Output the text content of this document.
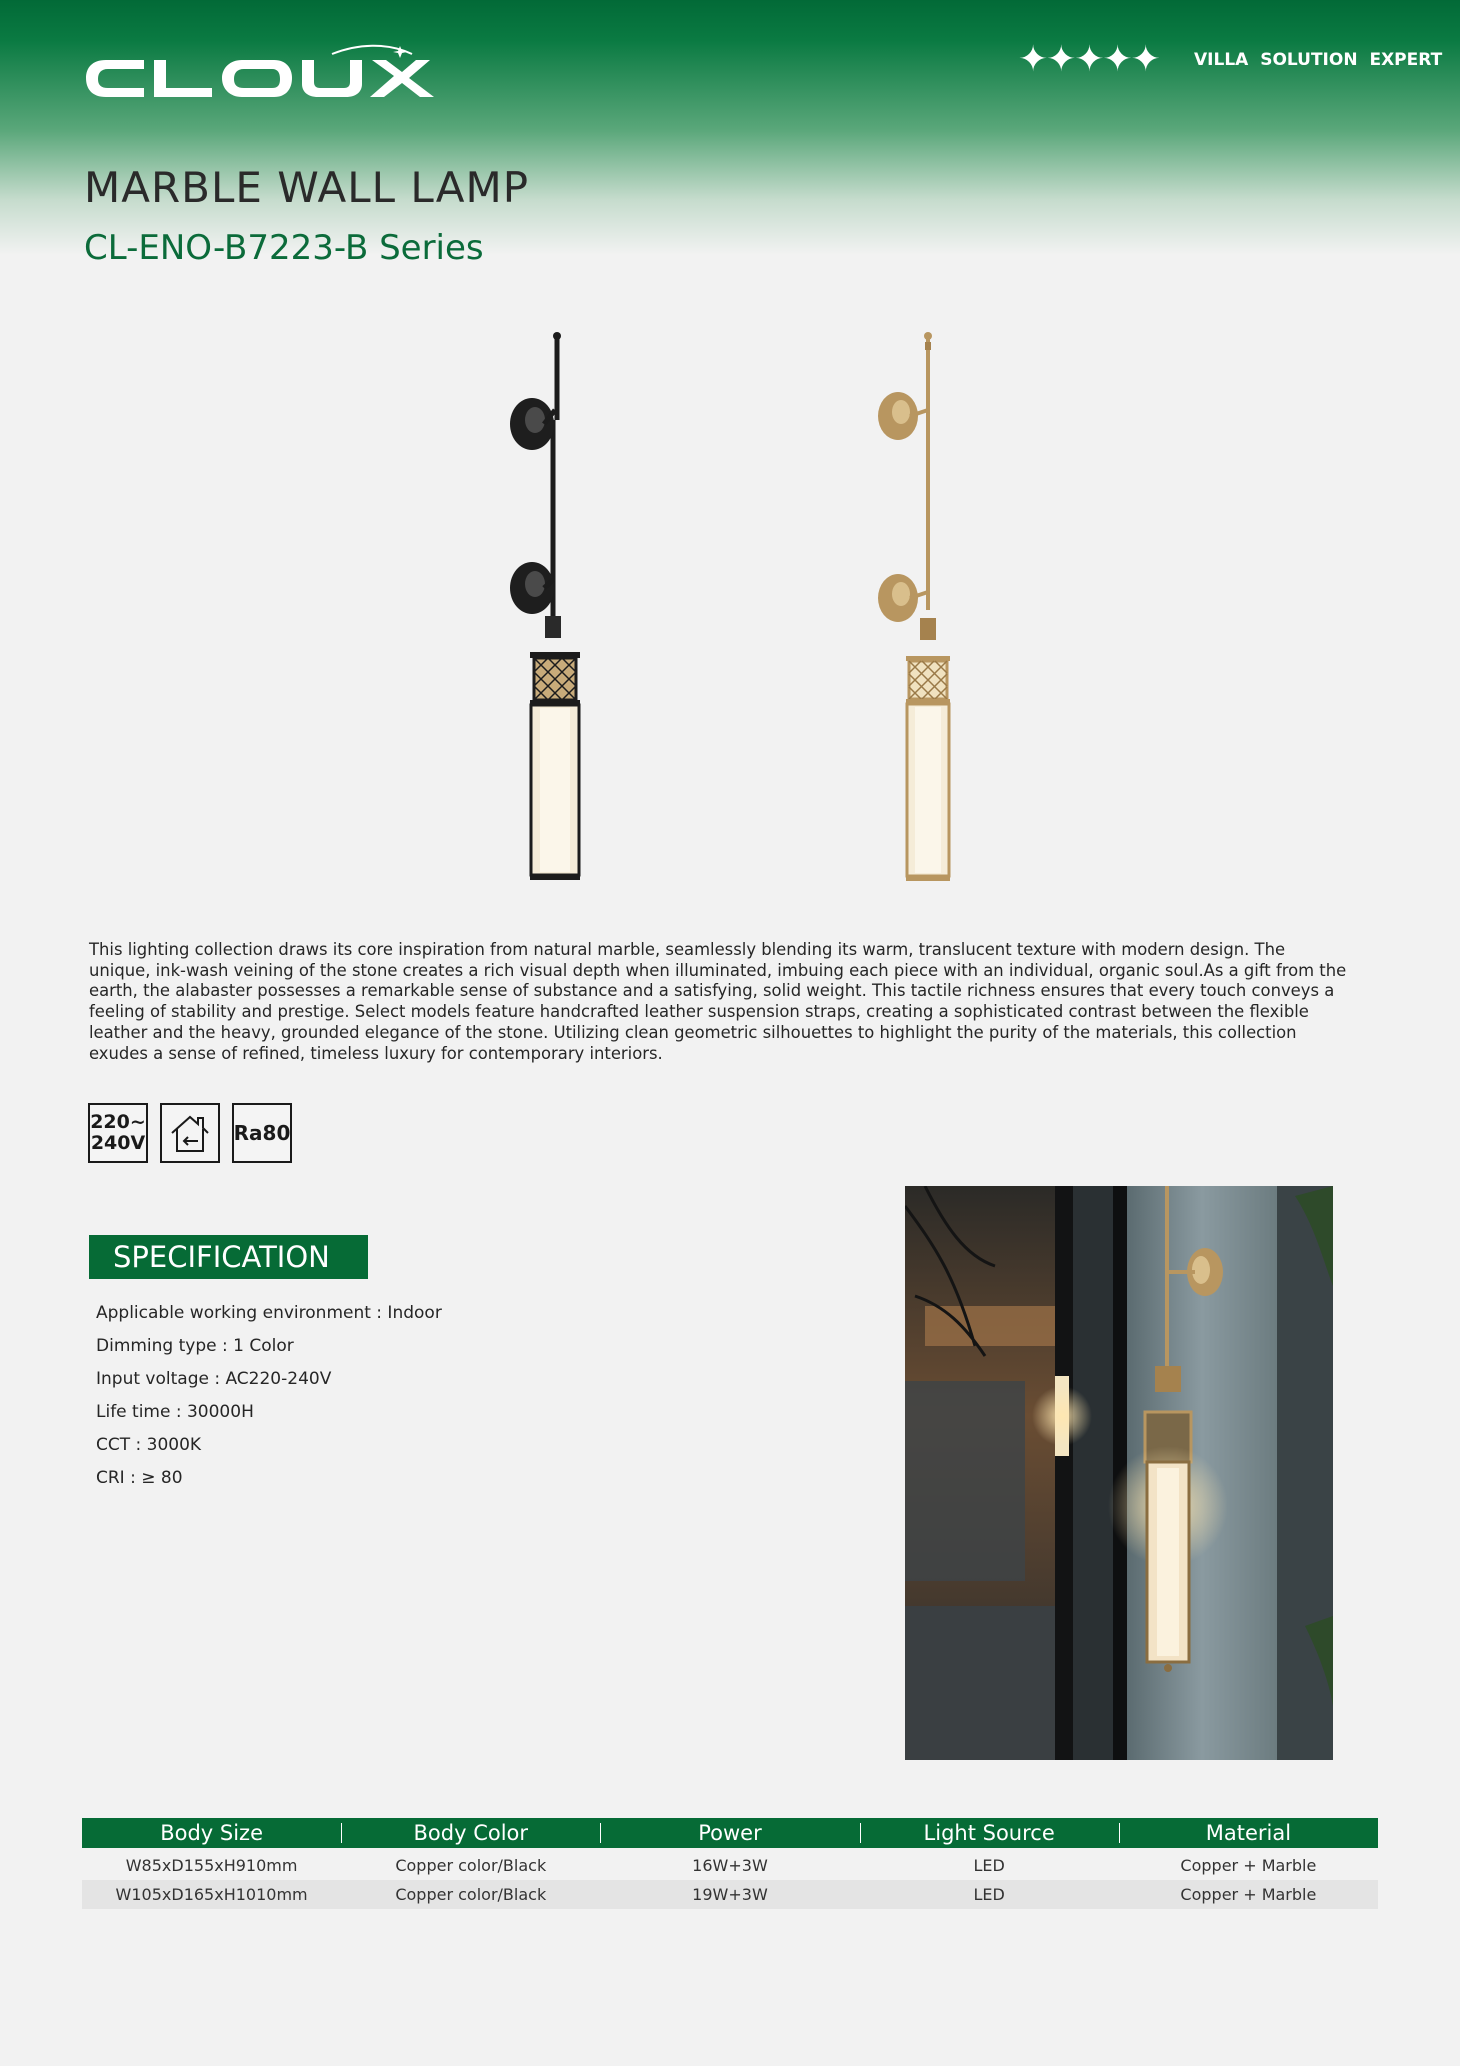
✦✦✦✦✦ VILLA SOLUTION EXPERT
MARBLE WALL LAMP
CL-ENO-B7223-B Series

This lighting collection draws its core inspiration from natural marble, seamlessly blending its warm, translucent texture with modern design. The unique, ink-wash veining of the stone creates a rich visual depth when illuminated, imbuing each piece with an individual, organic soul.As a gift from the earth, the alabaster possesses a remarkable sense of substance and a satisfying, solid weight. This tactile richness ensures that every touch conveys a feeling of stability and prestige. Select models feature handcrafted leather suspension straps, creating a sophisticated contrast between the flexible leather and the heavy, grounded elegance of the stone. Utilizing clean geometric silhouettes to highlight the purity of the materials, this collection exudes a sense of refined, timeless luxury for contemporary interiors.

220~
240V	Ra80
SPECIFICATION
Applicable working environment : Indoor
Dimming type : 1 Color
Input voltage : AC220-240V
Life time : 30000H
CCT : 3000K
CRI : ≥ 80
Body Size	Body Color	Power	Light Source	Material
W85xD155xH910mm	Copper color/Black	16W+3W	LED	Copper + Marble
W105xD165xH1010mm	Copper color/Black	19W+3W	LED	Copper + Marble
